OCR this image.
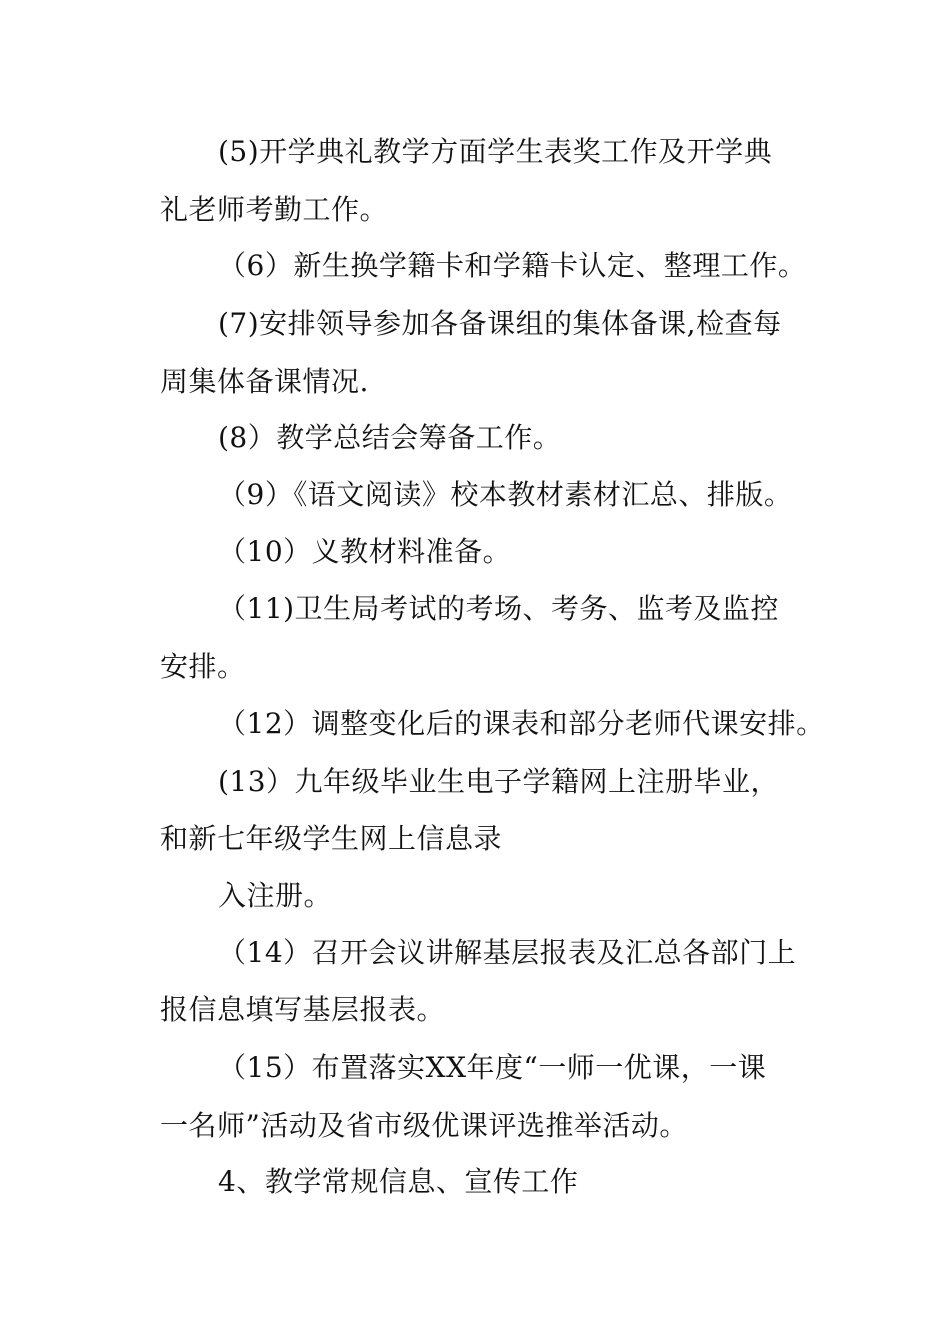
(5)开学典礼教学方面学生表奖工作及开学典
礼老师考勤工作。
（6）新生换学籍卡和学籍卡认定、整理工作。
(7)安排领导参加各备课组的集体备课,检查每
周集体备课情况.
(8）教学总结会筹备工作。
（9）《语文阅读》校本教材素材汇总、排版。
（10）义教材料准备。
（11)卫生局考试的考场、考务、监考及监控
安排。
（12）调整变化后的课表和部分老师代课安排。
(13）九年级毕业生电子学籍网上注册毕业，
和新七年级学生网上信息录
入注册。
（14）召开会议讲解基层报表及汇总各部门上
报信息填写基层报表。
（15）布置落实XX年度“一师一优课，一课
一名师”活动及省市级优课评选推举活动。
4、教学常规信息、宣传工作
